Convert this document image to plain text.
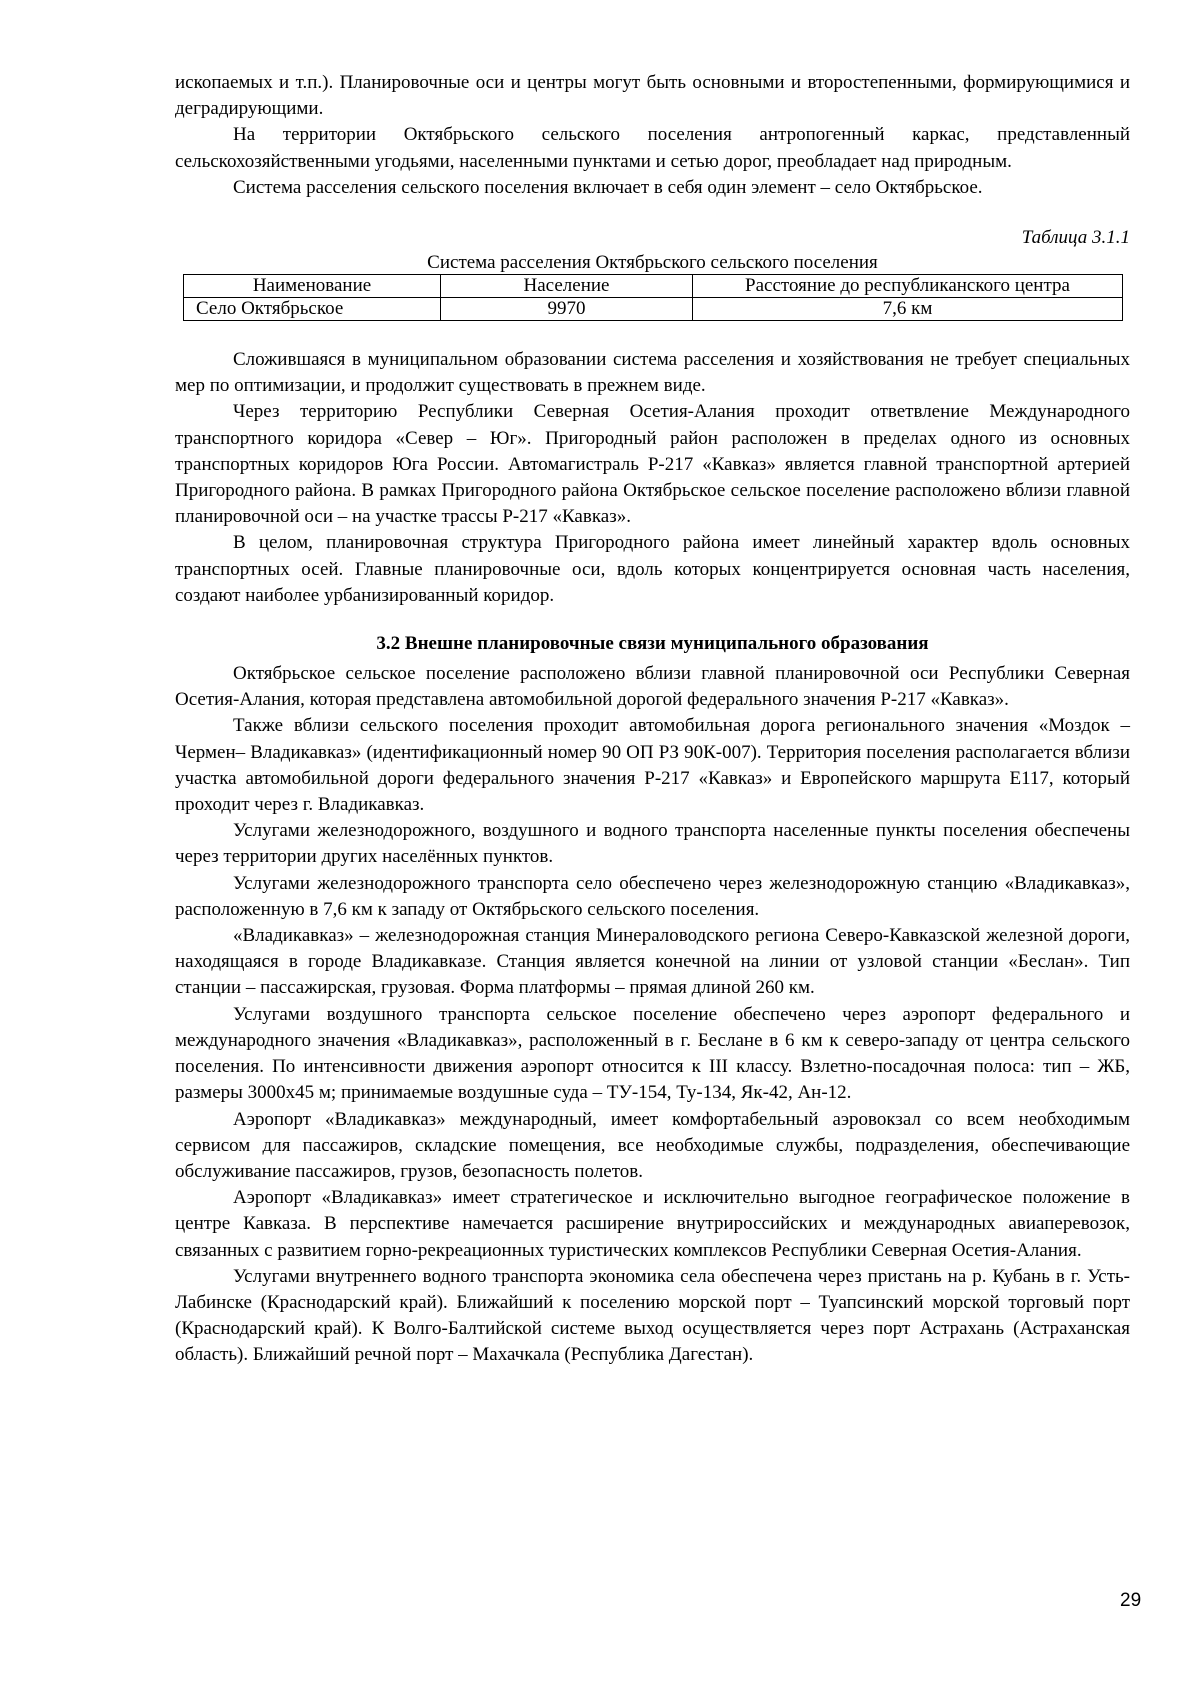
ископаемых и т.п.). Планировочные оси и центры могут быть основными и второстепенными, формирующимися и деградирующими.

На территории Октябрьского сельского поселения антропогенный каркас, представленный сельскохозяйственными угодьями, населенными пунктами и сетью дорог, преобладает над природным.

Система расселения сельского поселения включает в себя один элемент – село Октябрьское.

Таблица 3.1.1
Система расселения Октябрьского сельского поселения
Наименование	Население	Расстояние до республиканского центра
Село Октябрьское	9970	7,6 км

Сложившаяся в муниципальном образовании система расселения и хозяйствования не требует специальных мер по оптимизации, и продолжит существовать в прежнем виде.

Через территорию Республики Северная Осетия-Алания проходит ответвление Международного транспортного коридора «Север – Юг». Пригородный район расположен в пределах одного из основных транспортных коридоров Юга России. Автомагистраль Р-217 «Кавказ» является главной транспортной артерией Пригородного района. В рамках Пригородного района Октябрьское сельское поселение расположено вблизи главной планировочной оси – на участке трассы Р-217 «Кавказ».

В целом, планировочная структура Пригородного района имеет линейный характер вдоль основных транспортных осей. Главные планировочные оси, вдоль которых концентрируется основная часть населения, создают наиболее урбанизированный коридор.

3.2 Внешне планировочные связи муниципального образования

Октябрьское сельское поселение расположено вблизи главной планировочной оси Республики Северная Осетия-Алания, которая представлена автомобильной дорогой федерального значения Р-217 «Кавказ».

Также вблизи сельского поселения проходит автомобильная дорога регионального значения «Моздок –Чермен– Владикавказ» (идентификационный номер 90 ОП РЗ 90К-007). Территория поселения располагается вблизи участка автомобильной дороги федерального значения Р-217 «Кавказ» и Европейского маршрута Е117, который проходит через г. Владикавказ.

Услугами железнодорожного, воздушного и водного транспорта населенные пункты поселения обеспечены через территории других населённых пунктов.

Услугами железнодорожного транспорта село обеспечено через железнодорожную станцию «Владикавказ», расположенную в 7,6 км к западу от Октябрьского сельского поселения.

«Владикавказ» – железнодорожная станция Минераловодского региона Северо-Кавказской железной дороги, находящаяся в городе Владикавказе. Станция является конечной на линии от узловой станции «Беслан». Тип станции – пассажирская, грузовая. Форма платформы – прямая длиной 260 км.

Услугами воздушного транспорта сельское поселение обеспечено через аэропорт федерального и международного значения «Владикавказ», расположенный в г. Беслане в 6 км к северо-западу от центра сельского поселения. По интенсивности движения аэропорт относится к III классу. Взлетно-посадочная полоса: тип – ЖБ, размеры 3000х45 м; принимаемые воздушные суда – ТУ-154, Ту-134, Як-42, Ан-12.

Аэропорт «Владикавказ» международный, имеет комфортабельный аэровокзал со всем необходимым сервисом для пассажиров, складские помещения, все необходимые службы, подразделения, обеспечивающие обслуживание пассажиров, грузов, безопасность полетов.

Аэропорт «Владикавказ» имеет стратегическое и исключительно выгодное географическое положение в центре Кавказа. В перспективе намечается расширение внутрироссийских и международных авиаперевозок, связанных с развитием горно-рекреационных туристических комплексов Республики Северная Осетия-Алания.

Услугами внутреннего водного транспорта экономика села обеспечена через пристань на р. Кубань в г. Усть-Лабинске (Краснодарский край). Ближайший к поселению морской порт – Туапсинский морской торговый порт (Краснодарский край). К Волго-Балтийской системе выход осуществляется через порт Астрахань (Астраханская область). Ближайший речной порт – Махачкала (Республика Дагестан).

29
